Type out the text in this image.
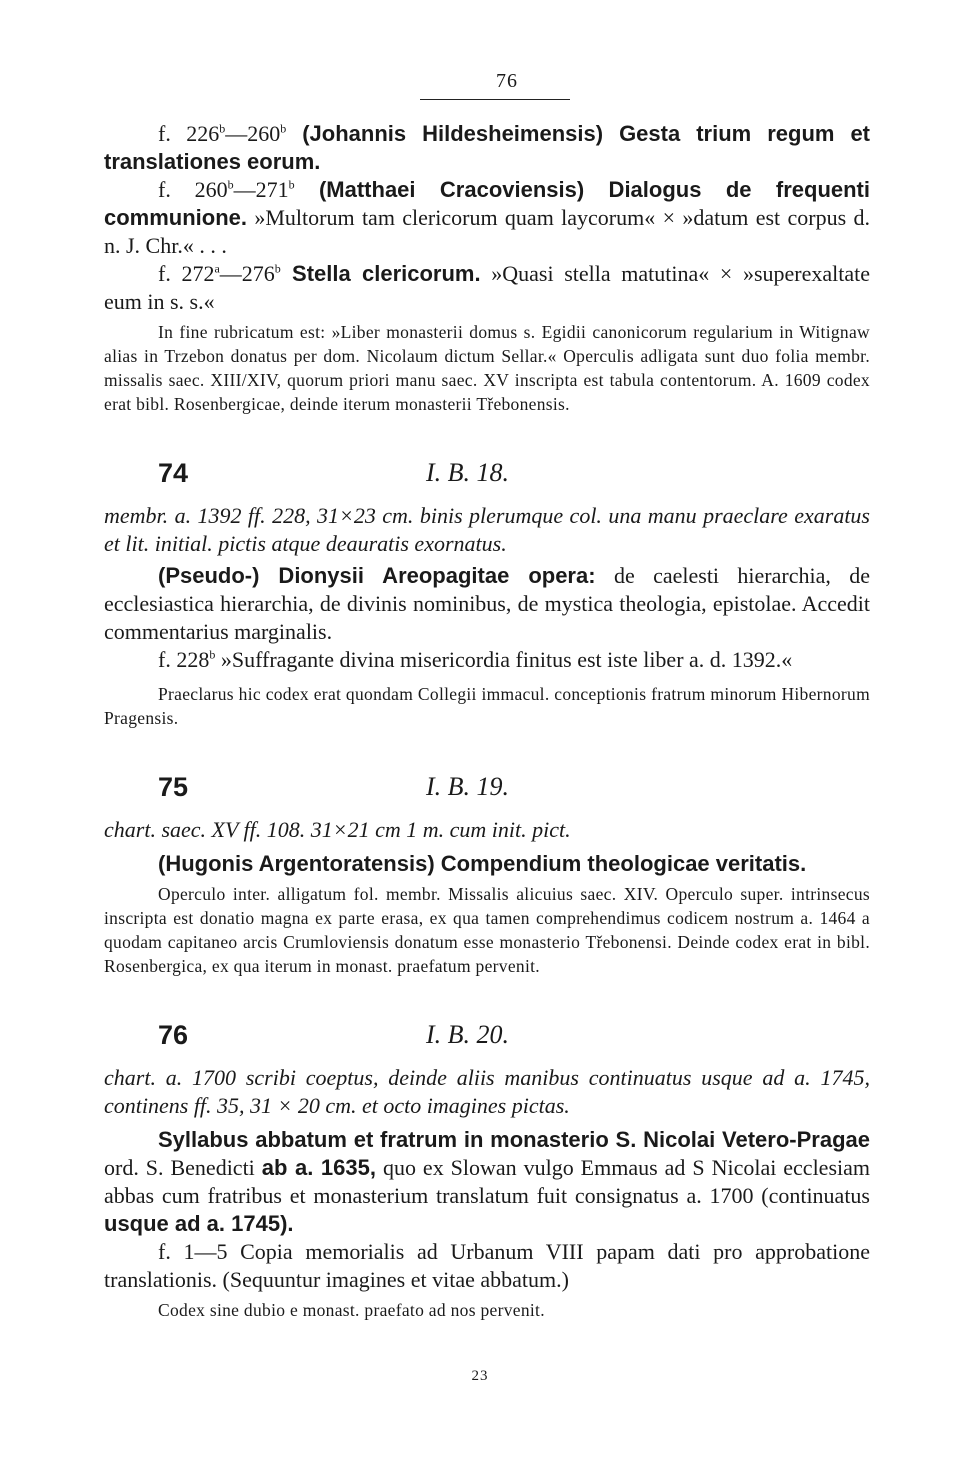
76

f. 226$^b$—260$^b$ (Johannis Hildesheimensis) Gesta trium regum et translationes eorum.

f. 260$^b$—271$^b$ (Matthaei Cracoviensis) Dialogus de frequenti communione. »Multorum tam clericorum quam laycorum« × »datum est corpus d. n. J. Chr.« . . .

f. 272$^a$—276$^b$ Stella clericorum. »Quasi stella matutina« × »superexaltate eum in s. s.«

In fine rubricatum est: »Liber monasterii domus s. Egidii canonicorum regularium in Witignaw alias in Trzebon donatus per dom. Nicolaum dictum Sellar.« Operculis adligata sunt duo folia membr. missalis saec. XIII/XIV, quorum priori manu saec. XV inscripta est tabula contentorum. A. 1609 codex erat bibl. Rosenbergicae, deinde iterum monasterii Třebonensis.

74	I. B. 18.

membr. a. 1392 ff. 228, 31×23 cm. binis plerumque col. una manu praeclare exaratus et lit. initial. pictis atque deauratis exornatus.

(Pseudo-) Dionysii Areopagitae opera: de caelesti hierarchia, de ecclesiastica hierarchia, de divinis nominibus, de mystica theologia, epistolae. Accedit commentarius marginalis.

f. 228$^b$ »Suffragante divina misericordia finitus est iste liber a. d. 1392.«

Praeclarus hic codex erat quondam Collegii immacul. conceptionis fratrum minorum Hibernorum Pragensis.

75	I. B. 19.

chart. saec. XV ff. 108. 31×21 cm 1 m. cum init. pict.

(Hugonis Argentoratensis) Compendium theologicae veritatis.

Operculo inter. alligatum fol. membr. Missalis alicuius saec. XIV. Operculo super. intrinsecus inscripta est donatio magna ex parte erasa, ex qua tamen comprehendimus codicem nostrum a. 1464 a quodam capitaneo arcis Crumloviensis donatum esse monasterio Třebonensi. Deinde codex erat in bibl. Rosenbergica, ex qua iterum in monast. praefatum pervenit.

76	I. B. 20.

chart. a. 1700 scribi coeptus, deinde aliis manibus continuatus usque ad a. 1745, continens ff. 35, 31 × 20 cm. et octo imagines pictas.

Syllabus abbatum et fratrum in monasterio S. Nicolai Vetero-Pragae ord. S. Benedicti ab a. 1635, quo ex Slowan vulgo Emmaus ad S Nicolai ecclesiam abbas cum fratribus et monasterium translatum fuit consignatus a. 1700 (continuatus usque ad a. 1745).

f. 1—5 Copia memorialis ad Urbanum VIII papam dati pro approbatione translationis. (Sequuntur imagines et vitae abbatum.)

Codex sine dubio e monast. praefato ad nos pervenit.

23
